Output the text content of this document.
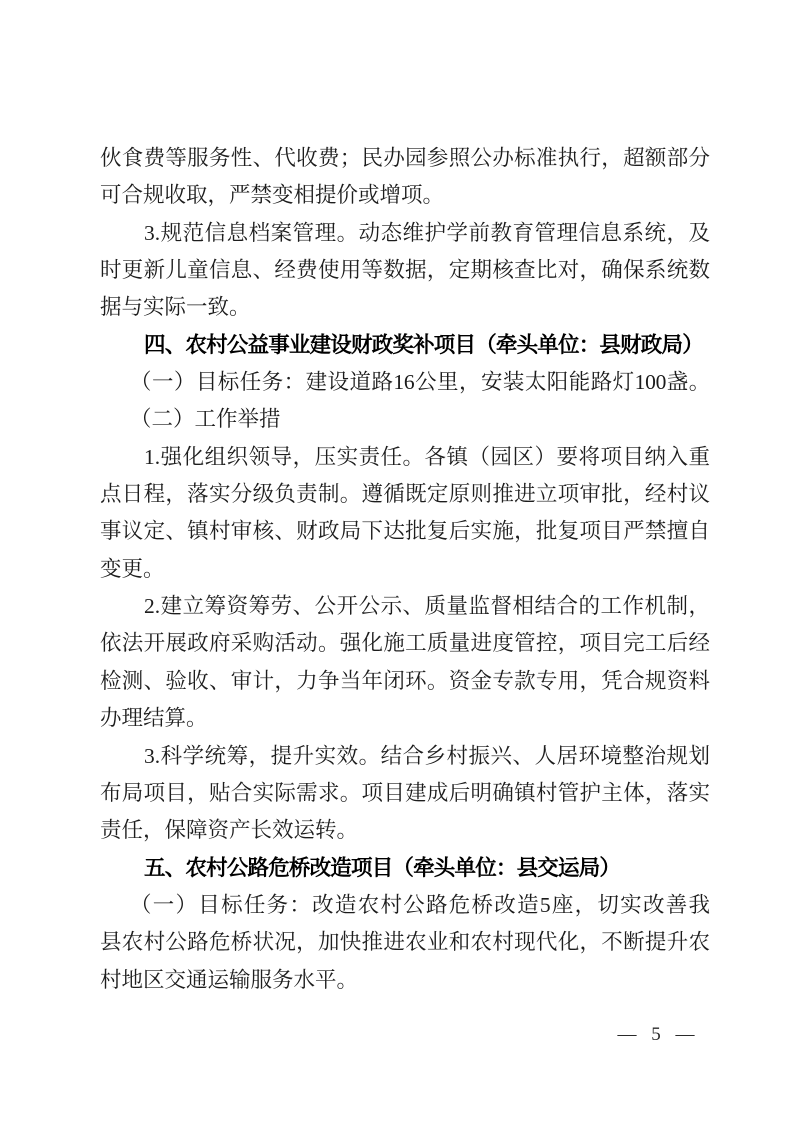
伙食费等服务性、代收费；民办园参照公办标准执行，超额部分

可合规收取，严禁变相提价或增项。

3.规范信息档案管理。动态维护学前教育管理信息系统，及

时更新儿童信息、经费使用等数据，定期核查比对，确保系统数

据与实际一致。

四、农村公益事业建设财政奖补项目（牵头单位：县财政局）

（一）目标任务：建设道路16公里，安装太阳能路灯100盏。

（二）工作举措

1.强化组织领导，压实责任。各镇（园区）要将项目纳入重

点日程，落实分级负责制。遵循既定原则推进立项审批，经村议

事议定、镇村审核、财政局下达批复后实施，批复项目严禁擅自

变更。

2.建立筹资筹劳、公开公示、质量监督相结合的工作机制，

依法开展政府采购活动。强化施工质量进度管控，项目完工后经

检测、验收、审计，力争当年闭环。资金专款专用，凭合规资料

办理结算。

3.科学统筹，提升实效。结合乡村振兴、人居环境整治规划

布局项目，贴合实际需求。项目建成后明确镇村管护主体，落实

责任，保障资产长效运转。

五、农村公路危桥改造项目（牵头单位：县交运局）

（一）目标任务：改造农村公路危桥改造5座，切实改善我

县农村公路危桥状况，加快推进农业和农村现代化，不断提升农

村地区交通运输服务水平。

— 5 —
